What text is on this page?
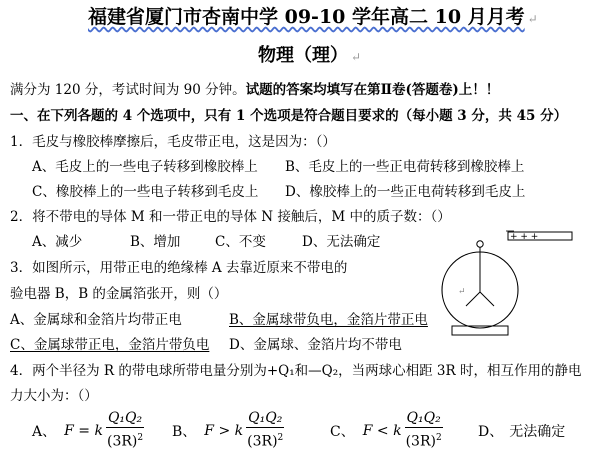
福建省厦门市杏南中学 09-10 学年高二 10 月月考 ↵
物理（理） ↵
满分为 120 分，考试时间为 90 分钟。试题的答案均填写在第Ⅱ卷(答题卷)上！！
一、在下列各题的 4 个选项中，只有 1 个选项是符合题目要求的（每小题 3 分，共 45 分）
1．毛皮与橡胶棒摩擦后，毛皮带正电，这是因为：（）
A、毛皮上的一些电子转移到橡胶棒上 B、毛皮上的一些正电荷转移到橡胶棒上
C、橡胶棒上的一些电子转移到毛皮上 D、橡胶棒上的一些正电荷转移到毛皮上
2．将不带电的导体 M 和一带正电的导体 N 接触后，M 中的质子数：（）
A、减少	B、增加	C、不变	D、无法确定
3．如图所示，用带正电的绝缘棒 A 去靠近原来不带电的
验电器 B，B 的金属箔张开，则（）
A、金属球和金箔片均带正电	B、金属球带负电，金箔片带正电
C、金属球带正电，金箔片带负电 D、金属球、金箔片均不带电
4．两个半径为 R 的带电球所带电量分别为+Q₁和—Q₂，当两球心相距 3R 时，相互作用的静电
力大小为：（）
A、 F = k $\frac{\text{Q₁Q₂}}{(3R)^2}$ B、 F > k $\frac{\text{Q₁Q₂}}{(3R)^2}$	C、 F < k $\frac{\text{Q₁Q₂}}{(3R)^2}$	D、 无法确定
+ + +
↵
